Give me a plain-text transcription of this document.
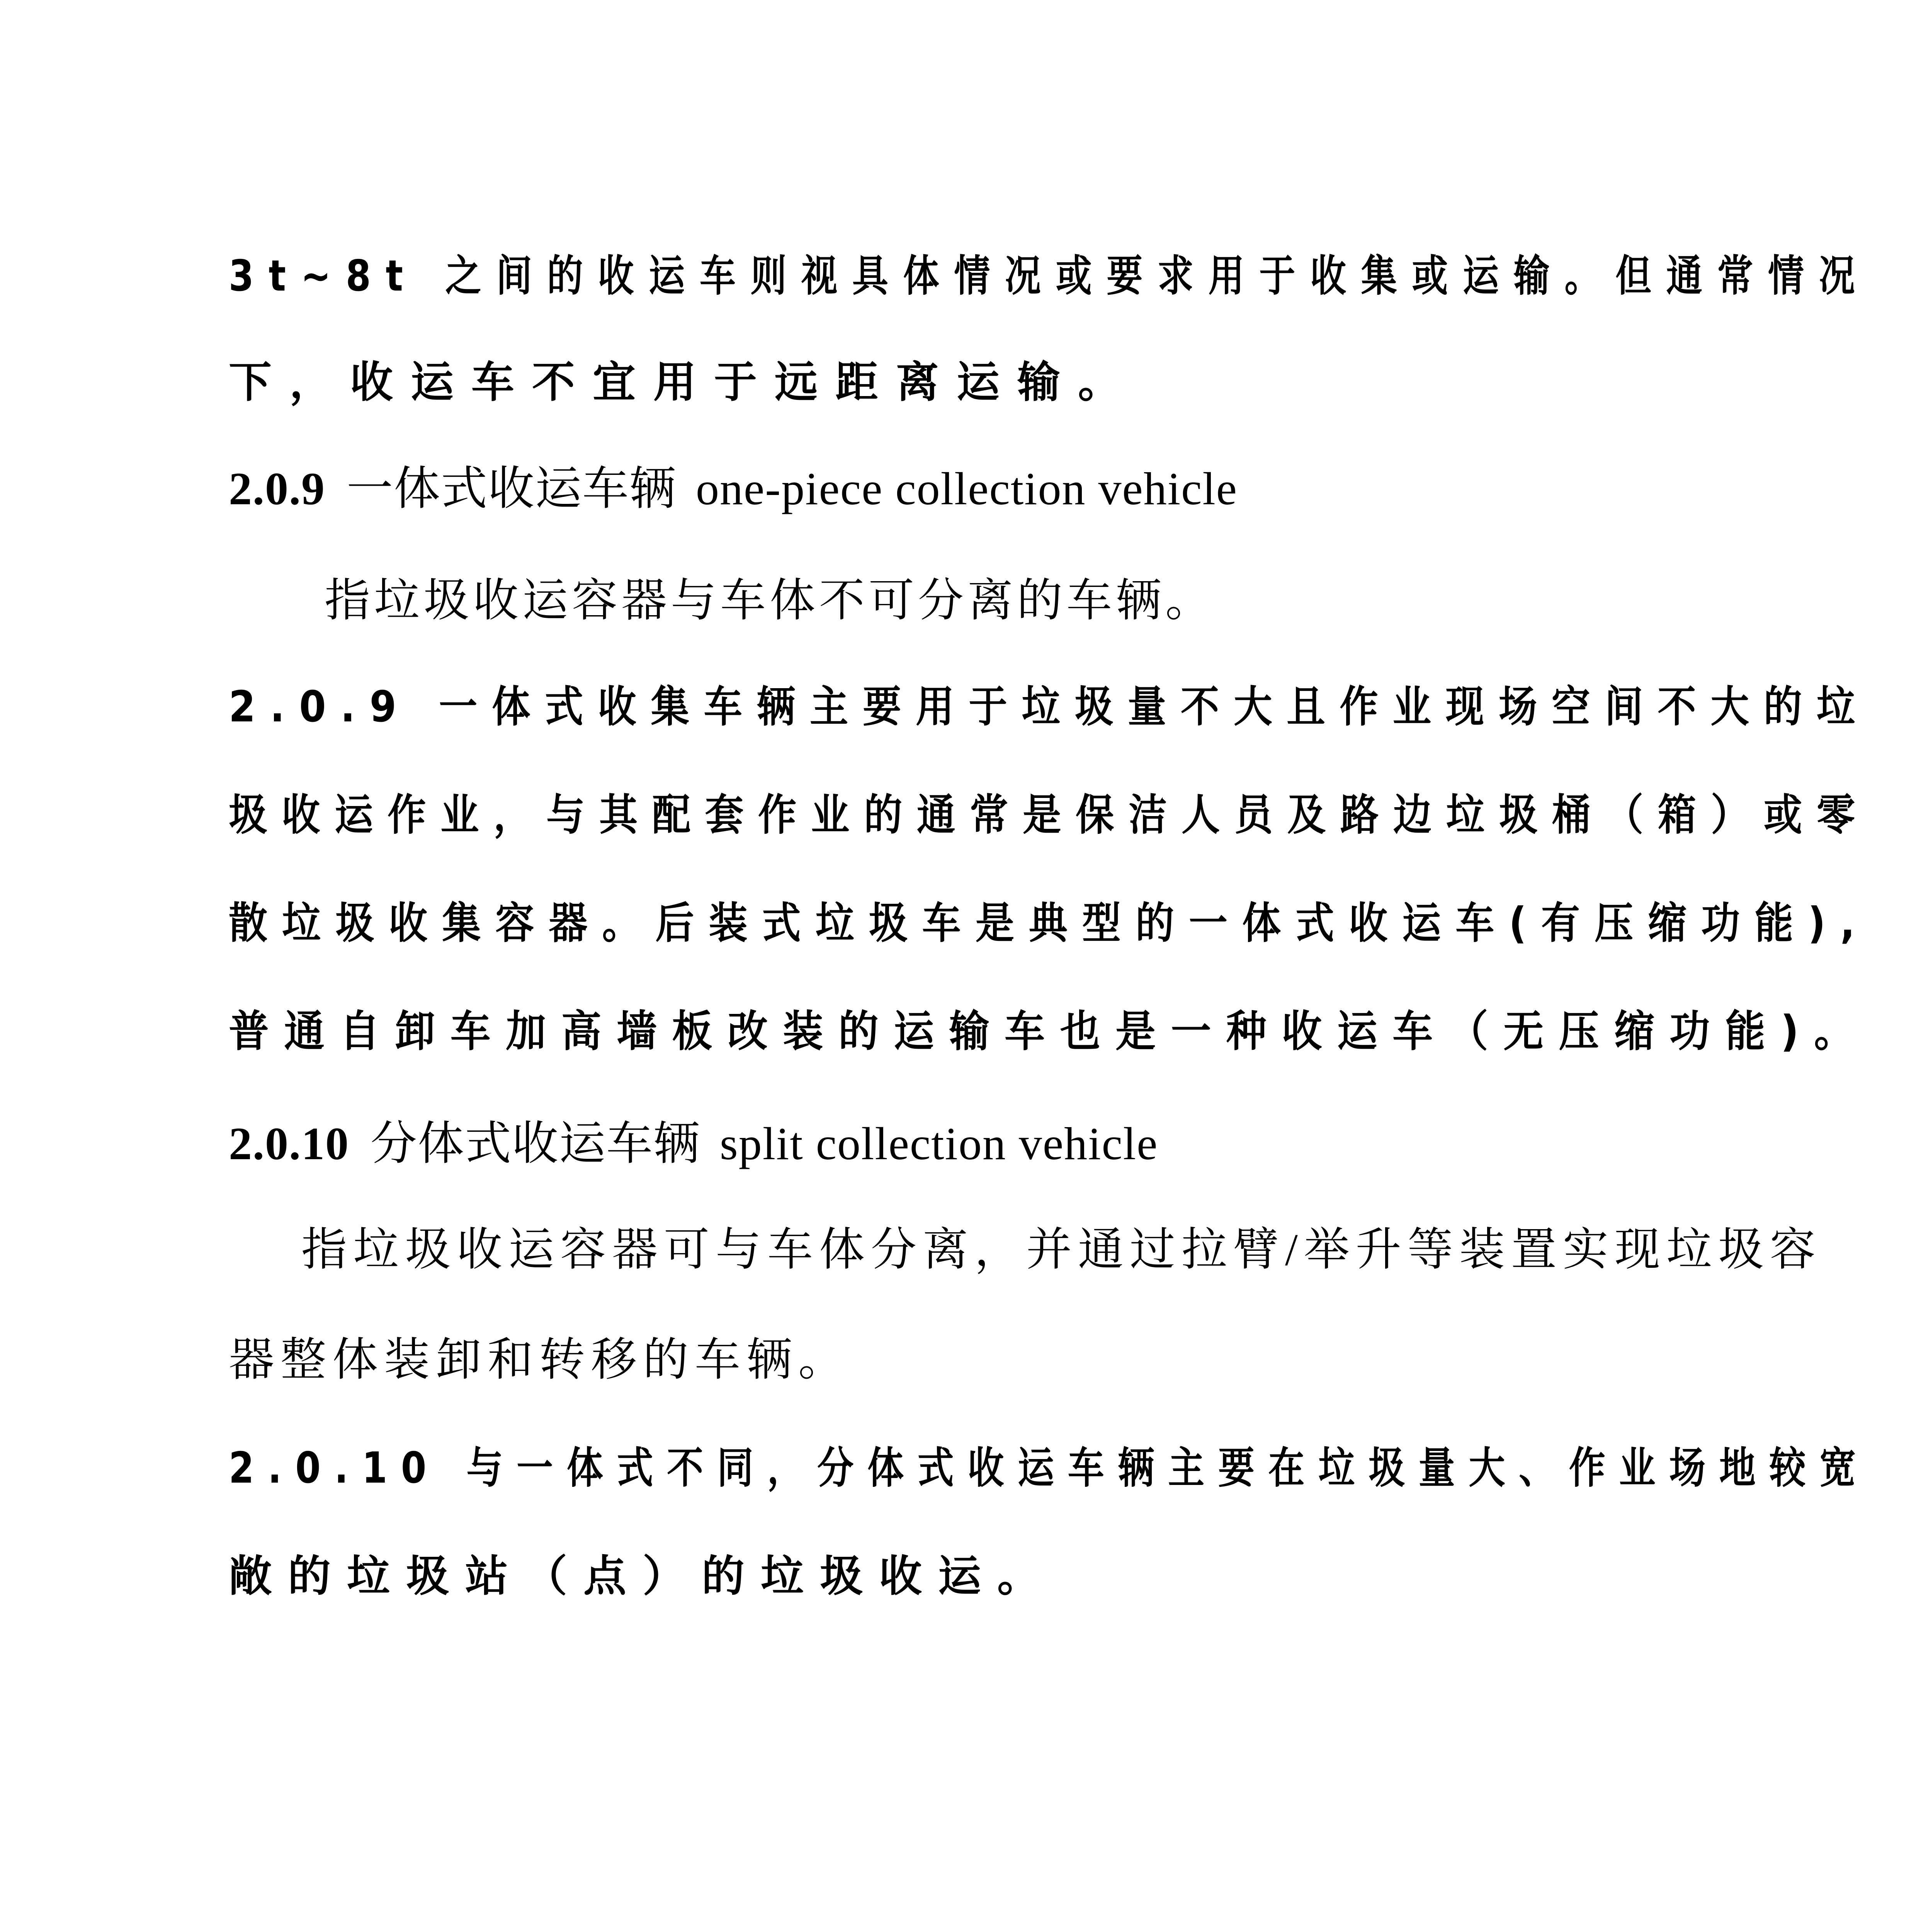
3t~8t 之间的收运车则视具体情况或要求用于收集或运输。但通常情况
下，收运车不宜用于远距离运输。
2.0.9 一体式收运车辆 one-piece collection vehicle
指垃圾收运容器与车体不可分离的车辆。
2.0.9 一体式收集车辆主要用于垃圾量不大且作业现场空间不大的垃
圾收运作业，与其配套作业的通常是保洁人员及路边垃圾桶（箱）或零
散垃圾收集容器。后装式垃圾车是典型的一体式收运车(有压缩功能),
普通自卸车加高墙板改装的运输车也是一种收运车（无压缩功能)。
2.0.10 分体式收运车辆 split collection vehicle
指垃圾收运容器可与车体分离，并通过拉臂/举升等装置实现垃圾容
器整体装卸和转移的车辆。
2.0.10 与一体式不同，分体式收运车辆主要在垃圾量大、作业场地较宽
敞的垃圾站（点）的垃圾收运。
